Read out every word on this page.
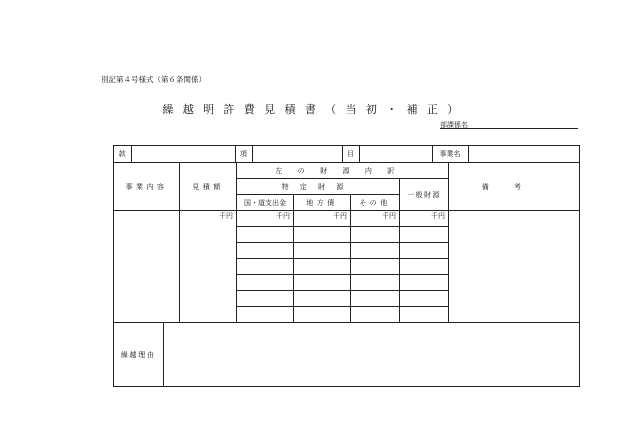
別記第４号様式（第６条関係）
繰越明許費見積書（当初・補正）
部課係名
款		項		目		事業名	

事業内容	見積額	左の財源内訳	備考
特定財源	一般財源
国・道支出金	地方債	その他
	千円	千円	千円	千円	千円	

繰越理由	
